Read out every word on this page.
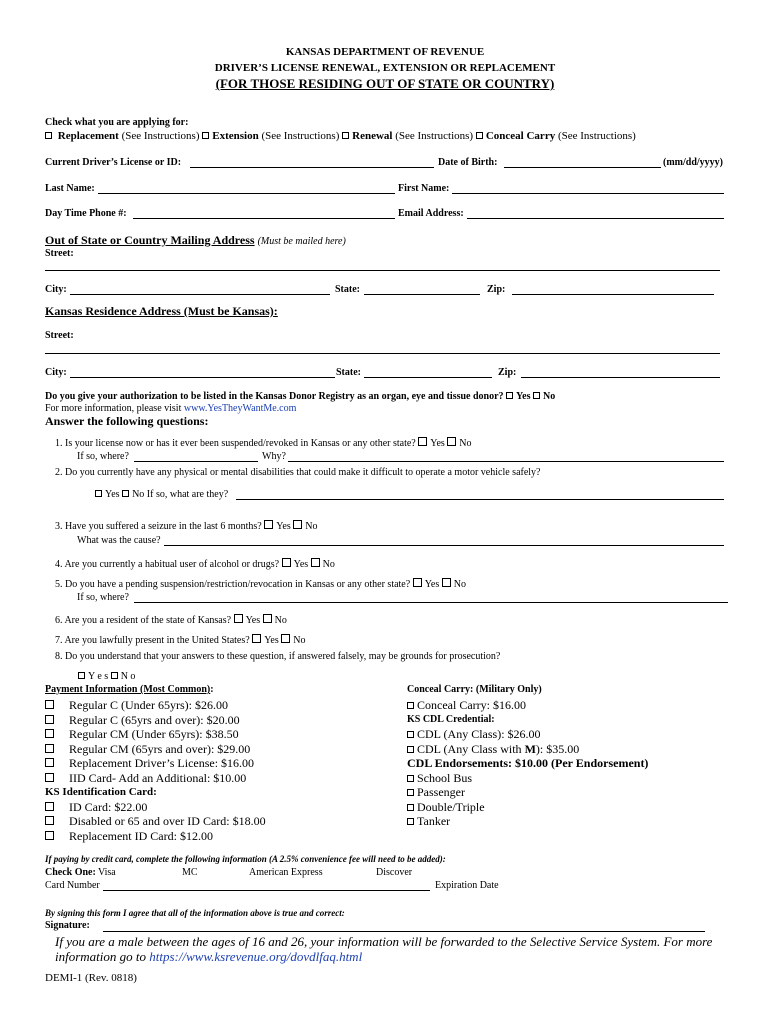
KANSAS DEPARTMENT OF REVENUE
DRIVER’S LICENSE RENEWAL, EXTENSION OR REPLACEMENT
(FOR THOSE RESIDING OUT OF STATE OR COUNTRY)
Check what you are applying for:
Replacement (See Instructions) Extension (See Instructions) Renewal (See Instructions) Conceal Carry (See Instructions)
Current Driver’s License or ID:	Date of Birth:	(mm/dd/yyyy)
Last Name:	First Name:
Day Time Phone #:	Email Address:
Out of State or Country Mailing Address (Must be mailed here)
Street:
City:	State:	Zip:
Kansas Residence Address (Must be Kansas):
Street:
City:	State:	Zip:
Do you give your authorization to be listed in the Kansas Donor Registry as an organ, eye and tissue donor? Yes No
For more information, please visit www.YesTheyWantMe.com
Answer the following questions:
1. Is your license now or has it ever been suspended/revoked in Kansas or any other state? Yes No
If so, where?	Why?
2. Do you currently have any physical or mental disabilities that could make it difficult to operate a motor vehicle safely?
Yes No If so, what are they?
3. Have you suffered a seizure in the last 6 months? Yes No
What was the cause?
4. Are you currently a habitual user of alcohol or drugs? Yes No
5. Do you have a pending suspension/restriction/revocation in Kansas or any other state? Yes No
If so, where?
6. Are you a resident of the state of Kansas? Yes No
7. Are you lawfully present in the United States? Yes No
8. Do you understand that your answers to these question, if answered falsely, may be grounds for prosecution?
Y e s N o
Payment Information (Most Common):
Regular C (Under 65yrs): $26.00
Regular C (65yrs and over): $20.00
Regular CM (Under 65yrs): $38.50
Regular CM (65yrs and over): $29.00
Replacement Driver’s License: $16.00
IID Card- Add an Additional: $10.00
KS Identification Card:
ID Card: $22.00
Disabled or 65 and over ID Card: $18.00
Replacement ID Card: $12.00
Conceal Carry: (Military Only)
Conceal Carry: $16.00
KS CDL Credential:
CDL (Any Class): $26.00
CDL (Any Class with M): $35.00
CDL Endorsements: $10.00 (Per Endorsement)
School Bus
Passenger
Double/Triple
Tanker
If paying by credit card, complete the following information (A 2.5% convenience fee will need to be added):
Check One: Visa	MC	American Express	Discover
Card Number	Expiration Date
By signing this form I agree that all of the information above is true and correct:
Signature:
If you are a male between the ages of 16 and 26, your information will be forwarded to the Selective Service System. For more
information go to https://www.ksrevenue.org/dovdlfaq.html
DEMI-1 (Rev. 0818)
